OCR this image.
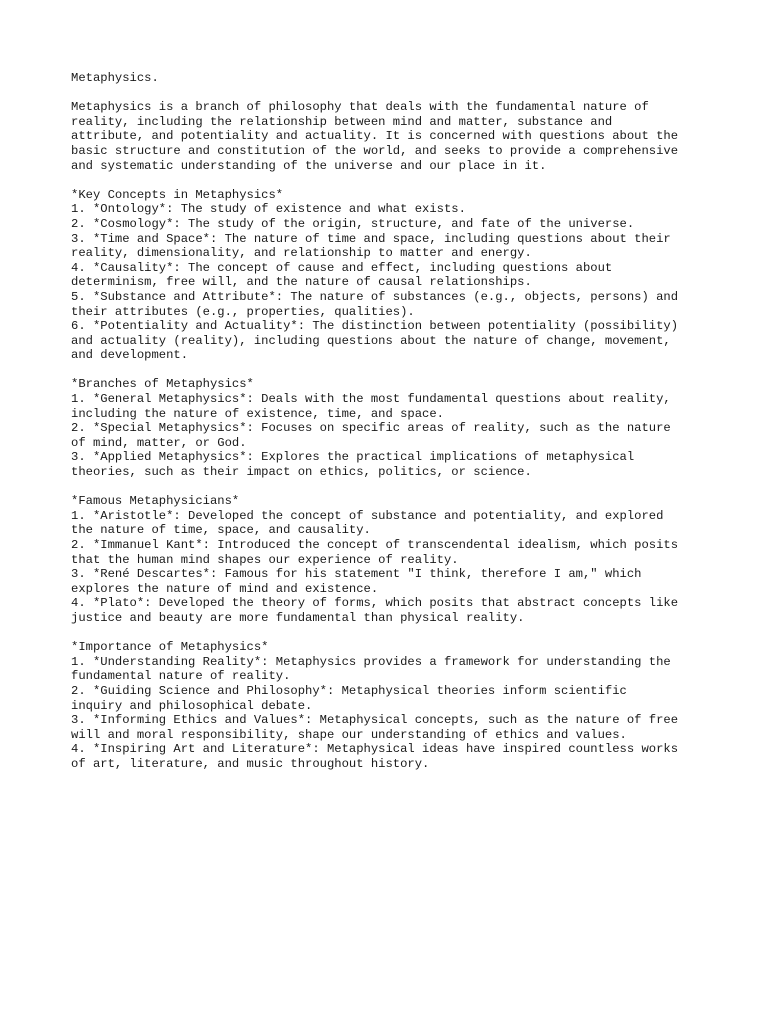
Metaphysics.
Metaphysics is a branch of philosophy that deals with the fundamental nature of
reality, including the relationship between mind and matter, substance and
attribute, and potentiality and actuality. It is concerned with questions about the
basic structure and constitution of the world, and seeks to provide a comprehensive
and systematic understanding of the universe and our place in it.
*Key Concepts in Metaphysics*
1. *Ontology*: The study of existence and what exists.
2. *Cosmology*: The study of the origin, structure, and fate of the universe.
3. *Time and Space*: The nature of time and space, including questions about their
reality, dimensionality, and relationship to matter and energy.
4. *Causality*: The concept of cause and effect, including questions about
determinism, free will, and the nature of causal relationships.
5. *Substance and Attribute*: The nature of substances (e.g., objects, persons) and
their attributes (e.g., properties, qualities).
6. *Potentiality and Actuality*: The distinction between potentiality (possibility)
and actuality (reality), including questions about the nature of change, movement,
and development.
*Branches of Metaphysics*
1. *General Metaphysics*: Deals with the most fundamental questions about reality,
including the nature of existence, time, and space.
2. *Special Metaphysics*: Focuses on specific areas of reality, such as the nature
of mind, matter, or God.
3. *Applied Metaphysics*: Explores the practical implications of metaphysical
theories, such as their impact on ethics, politics, or science.
*Famous Metaphysicians*
1. *Aristotle*: Developed the concept of substance and potentiality, and explored
the nature of time, space, and causality.
2. *Immanuel Kant*: Introduced the concept of transcendental idealism, which posits
that the human mind shapes our experience of reality.
3. *René Descartes*: Famous for his statement "I think, therefore I am," which
explores the nature of mind and existence.
4. *Plato*: Developed the theory of forms, which posits that abstract concepts like
justice and beauty are more fundamental than physical reality.
*Importance of Metaphysics*
1. *Understanding Reality*: Metaphysics provides a framework for understanding the
fundamental nature of reality.
2. *Guiding Science and Philosophy*: Metaphysical theories inform scientific
inquiry and philosophical debate.
3. *Informing Ethics and Values*: Metaphysical concepts, such as the nature of free
will and moral responsibility, shape our understanding of ethics and values.
4. *Inspiring Art and Literature*: Metaphysical ideas have inspired countless works
of art, literature, and music throughout history.
